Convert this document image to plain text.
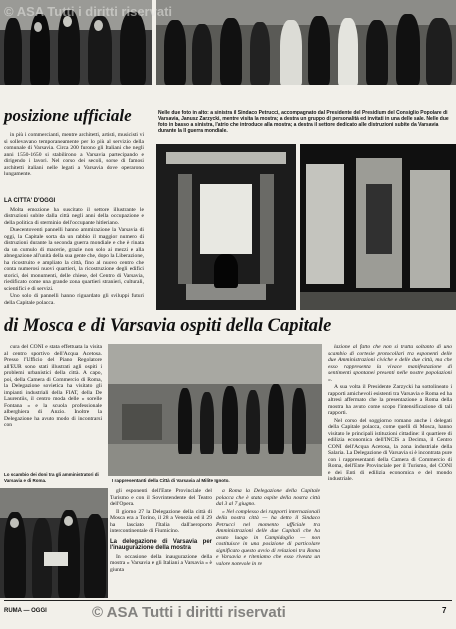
posizione ufficiale	Nelle due foto in alto: a sinistra il Sindaco Petrucci, accompagnato dal Presidente del Presidium del Consiglio Popolare di Varsavia, Janusz Zarzycki, mentre visita la mostra; a destra un gruppo di personalità ed invitati in una delle sale. Nelle due foto in basso a sinistra, l'atrio che introduce alla mostra; a destra il settore dedicato alle distruzioni subite da Varsavia durante la II guerra mondiale.

in più i commercianti, mentre architetti, artisti, musicisti vi si sollevavano temporaneamente per lo più al servizio della comunale di Varsavia. Circa 200 furono gli Italiani che negli anni 1550-1650 si stabilirono a Varsavia partecipando e dirigendo i lavori. Nel corso dei secoli, sorse di famosi architetti italiani nelle legati a Varsavia dove operarono lungamente.

LA CITTA' D'OGGI

Molta emozione ha suscitato il settore illustrante le distruzioni subite dalla città negli anni della occupazione e della politica di sterminio dell'occupante hitleriano.

Duecentoventi pannelli hanno ammirazione la Varsavia di oggi, la Capitale sorta da un rabbio il maggior numero di distruzioni durante la seconda guerra mondiale e che è rinata da un cumulo di macerie, grazie non solo ai mezzi e alla abnegazione all'unità della sua gente che, dopo la Liberazione, ha ricostruito e ampliato la città, fino al nuovo centro che conta numerosi nuovi quartieri, la ricostruzione degli edifici storici, dei monumenti, delle chiese, del Centro di Varsavia, riedificato come una grande zona quartieri stranieri, culturali, scientifici e di servizi.

Uno solo di pannelli hanno riguardato gli sviluppi futuri della Capitale polacca.

di Mosca e di Varsavia ospiti della Capitale

cura del CONI e stata effettuata la visita al centro sportivo dell'Acqua Acetosa. Presso l'Ufficio del Piano Regolatore all'EUR sono stati illustrati agli ospiti i problemi urbanistici della città. A capo, poi, della Camera di Commercio di Roma, la Delegazione sovietica ha visitato gli impianti industriali della FIAT, della De Laurentiis, il centro moda delle « sorelle Fontana » e la scuola professionale alberghiera di Anzio. Inoltre la Delegazione ha avuto modo di incontrarsi con

Lo scambio dei doni tra gli amministratori di Varsavia e di Roma.	I rappresentanti della Città di Varsavia al Milite Ignoto.

gli esponenti dell'Ente Provinciale del Turismo e con il Sovrintendente del Teatro dell'Opera.

Il giorno 27 la Delegazione della città di Mosca era a Torino, il 28 a Venezia ed il 29 ha lasciato l'Italia dall'aeroporto intercontinentale di Fiumicino.

La delegazione di Varsavia per l'inaugurazione della mostra

In occasione della inaugurazione della mostra « Varsavia e gli Italiani a Varsavia » è giunta

a Roma la Delegazione della Capitale polacca che è stata ospite della nostra città dal 3 al 7 giugno.

« Nel complesso dei rapporti internazionali della nostra città — ha detto il Sindaco Petrucci nel momento ufficiale tra Amministrazioni delle due Capitali che ha avuto luogo in Campidoglio — non costituisce in una posizione di particolare significato questo avvio di relazioni tra Roma e Varsavia e riteniamo che esso rivesta un valore notevole in re

lazione al fatto che non si tratta soltanto di uno scambio di cortesie protocollari tra esponenti delle due Amministrazioni civiche e delle due città, ma che esso rappresenta la vivace manifestazione di sentimenti spontanei presenti nelle nostre popolazioni ».

A sua volta il Presidente Zarzycki ha sottolineato i rapporti amichevoli esistenti tra Varsavia e Roma ed ha altresì affermato che la presentazione a Roma della mostra ha avuto come scopo l'intensificazione di tali rapporti.

Nel corso del soggiorno romano anche i delegati della Capitale polacca, come quelli di Mosca, hanno visitato le principali istituzioni cittadine: il quartiere di edilizia economica dell'INCIS a Decima, il Centro CONI dell'Acqua Acetosa, la zona industriale della Salaria. La Delegazione di Varsavia si è incontrata pure con i rappresentanti della Camera di Commercio di Roma, dell'Ente Provinciale per il Turismo, del CONI e dei Enti di edilizia economica e del mondo industriale.

© ASA Tutti i diritti riservati
© ASA Tutti i diritti riservati
RUMA — OGGI	7
